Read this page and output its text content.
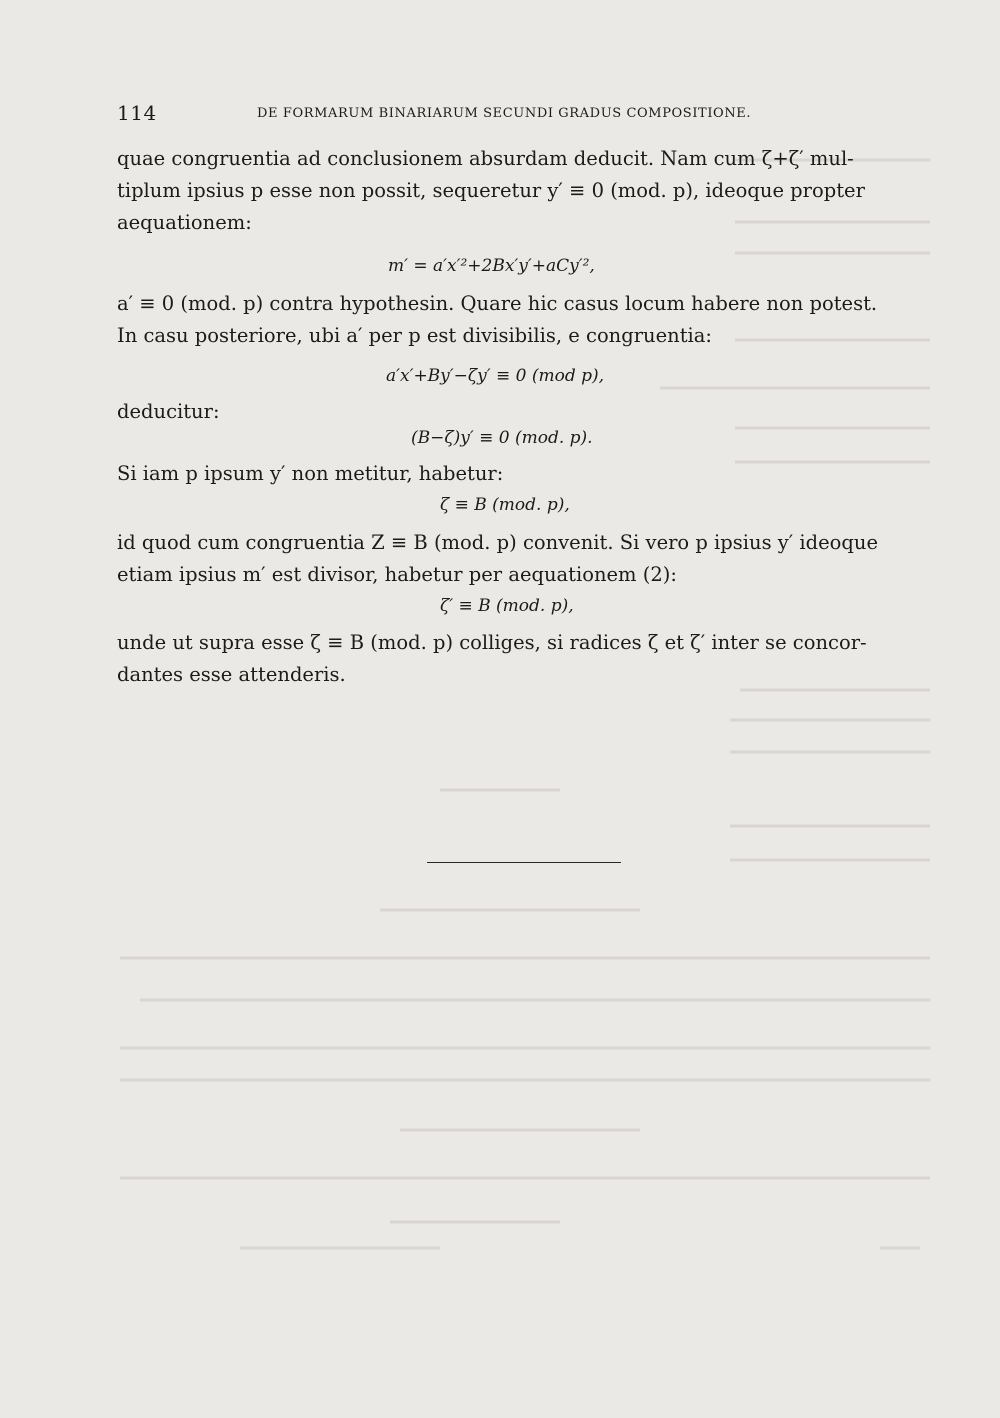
114	DE FORMARUM BINARIARUM SECUNDI GRADUS COMPOSITIONE.
quae congruentia ad conclusionem absurdam deducit. Nam cum ζ+ζ′ mul-
tiplum ipsius p esse non possit, sequeretur y′ ≡ 0 (mod. p), ideoque propter
aequationem:
m′ = a′x′²+2Bx′y′+aCy′²,
a′ ≡ 0 (mod. p) contra hypothesin. Quare hic casus locum habere non potest.
In casu posteriore, ubi a′ per p est divisibilis, e congruentia:
a′x′+By′−ζy′ ≡ 0 (mod p),
deducitur:
(B−ζ)y′ ≡ 0 (mod. p).
Si iam p ipsum y′ non metitur, habetur:
ζ ≡ B (mod. p),
id quod cum congruentia Z ≡ B (mod. p) convenit. Si vero p ipsius y′ ideoque
etiam ipsius m′ est divisor, habetur per aequationem (2):
ζ′ ≡ B (mod. p),
unde ut supra esse ζ ≡ B (mod. p) colliges, si radices ζ et ζ′ inter se concor-
dantes esse attenderis.
